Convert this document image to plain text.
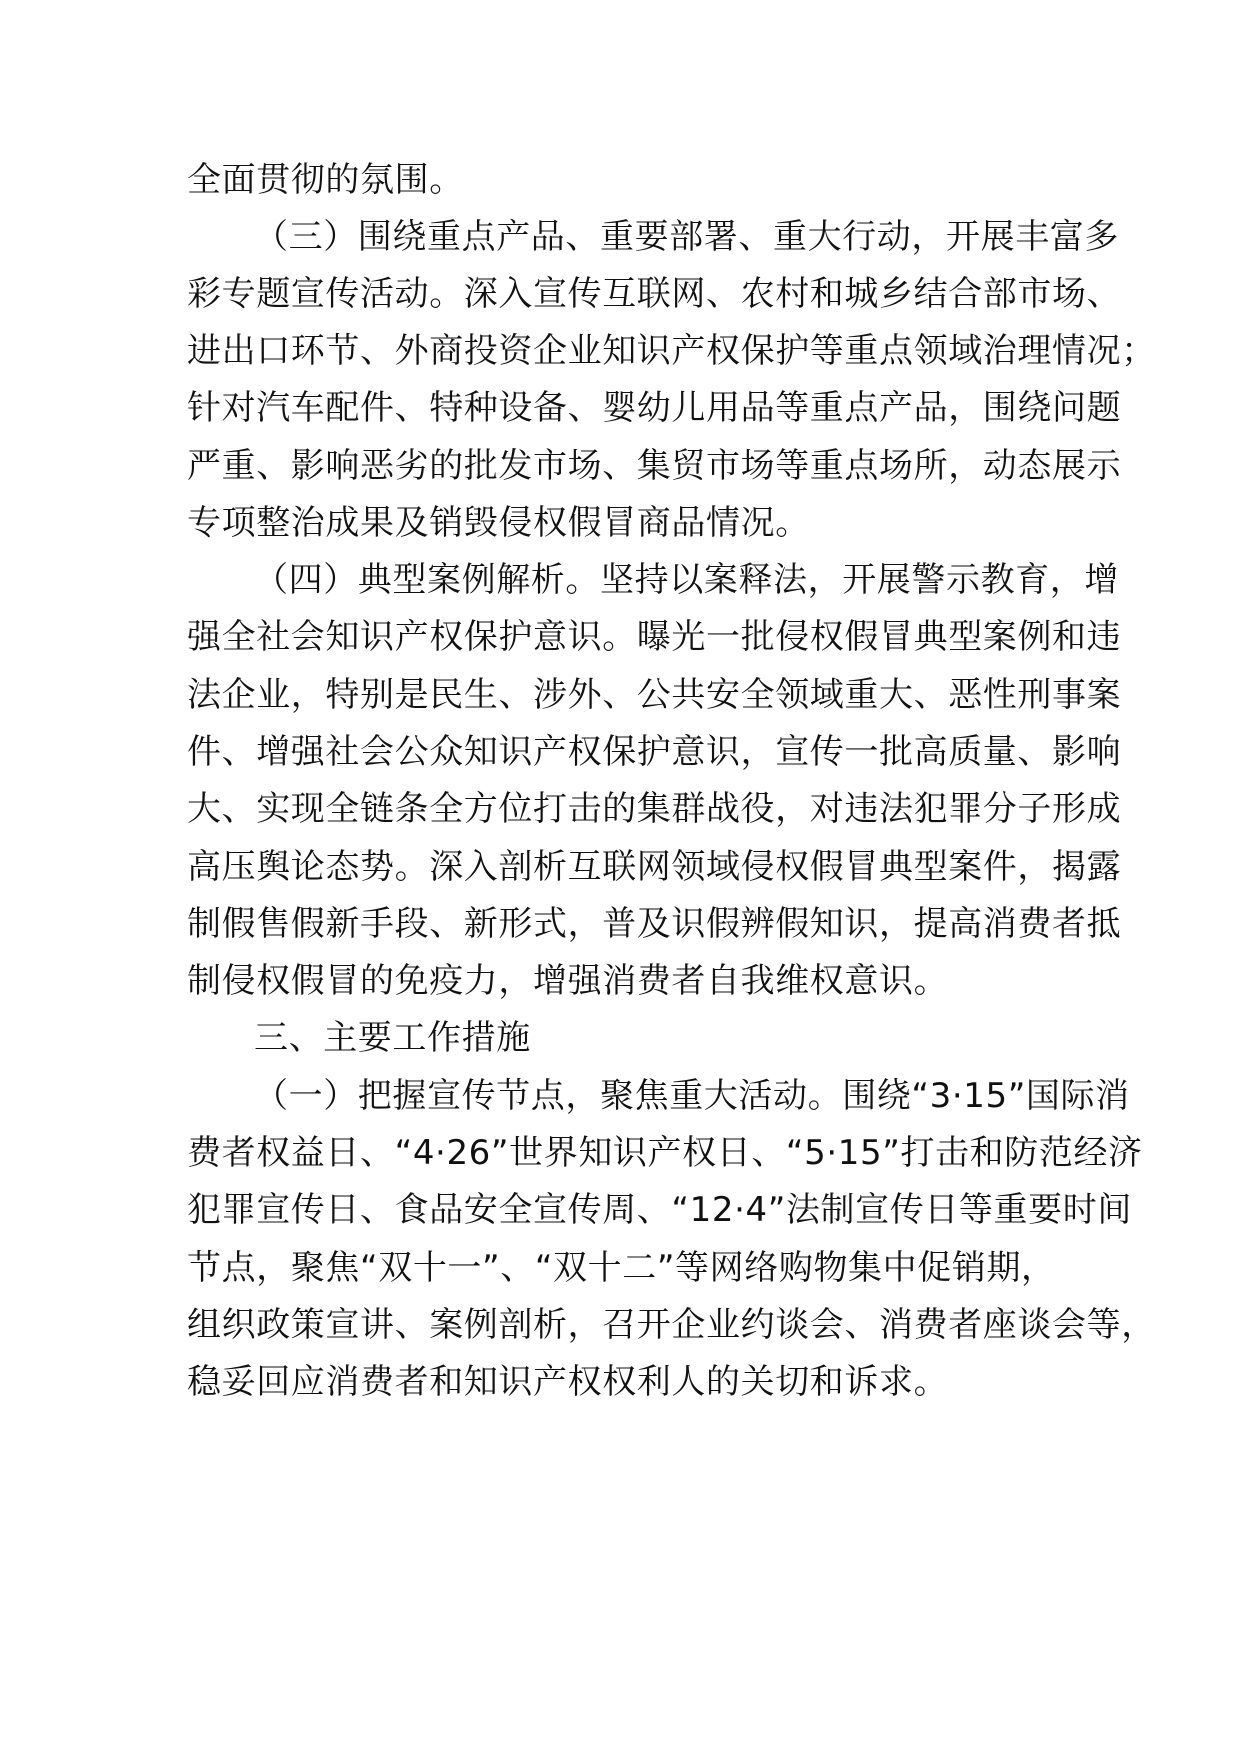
全面贯彻的氛围。
（三）围绕重点产品、重要部署、重大行动，开展丰富多
彩专题宣传活动。深入宣传互联网、农村和城乡结合部市场、
进出口环节、外商投资企业知识产权保护等重点领域治理情况；
针对汽车配件、特种设备、婴幼儿用品等重点产品，围绕问题
严重、影响恶劣的批发市场、集贸市场等重点场所，动态展示
专项整治成果及销毁侵权假冒商品情况。
（四）典型案例解析。坚持以案释法，开展警示教育，增
强全社会知识产权保护意识。曝光一批侵权假冒典型案例和违
法企业，特别是民生、涉外、公共安全领域重大、恶性刑事案
件、增强社会公众知识产权保护意识，宣传一批高质量、影响
大、实现全链条全方位打击的集群战役，对违法犯罪分子形成
高压舆论态势。深入剖析互联网领域侵权假冒典型案件，揭露
制假售假新手段、新形式，普及识假辨假知识，提高消费者抵
制侵权假冒的免疫力，增强消费者自我维权意识。
三、主要工作措施
（一）把握宣传节点，聚焦重大活动。围绕“3·15”国际消
费者权益日、“4·26”世界知识产权日、“5·15”打击和防范经济
犯罪宣传日、食品安全宣传周、“12·4”法制宣传日等重要时间
节点，聚焦“双十一”、“双十二”等网络购物集中促销期，
组织政策宣讲、案例剖析，召开企业约谈会、消费者座谈会等，
稳妥回应消费者和知识产权权利人的关切和诉求。
